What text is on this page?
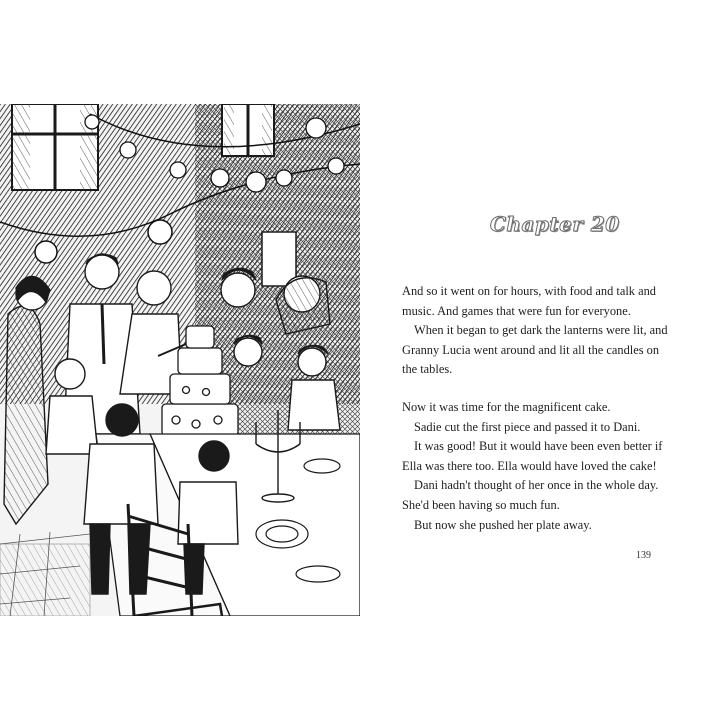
Chapter 20

And so it went on for hours, with food and talk and

music. And games that were fun for everyone.

When it began to get dark the lanterns were lit, and

Granny Lucia went around and lit all the candles on

the tables.

Now it was time for the magnificent cake.

Sadie cut the first piece and passed it to Dani.

It was good! But it would have been even better if

Ella was there too. Ella would have loved the cake!

Dani hadn't thought of her once in the whole day.

She'd been having so much fun.

But now she pushed her plate away.

139
